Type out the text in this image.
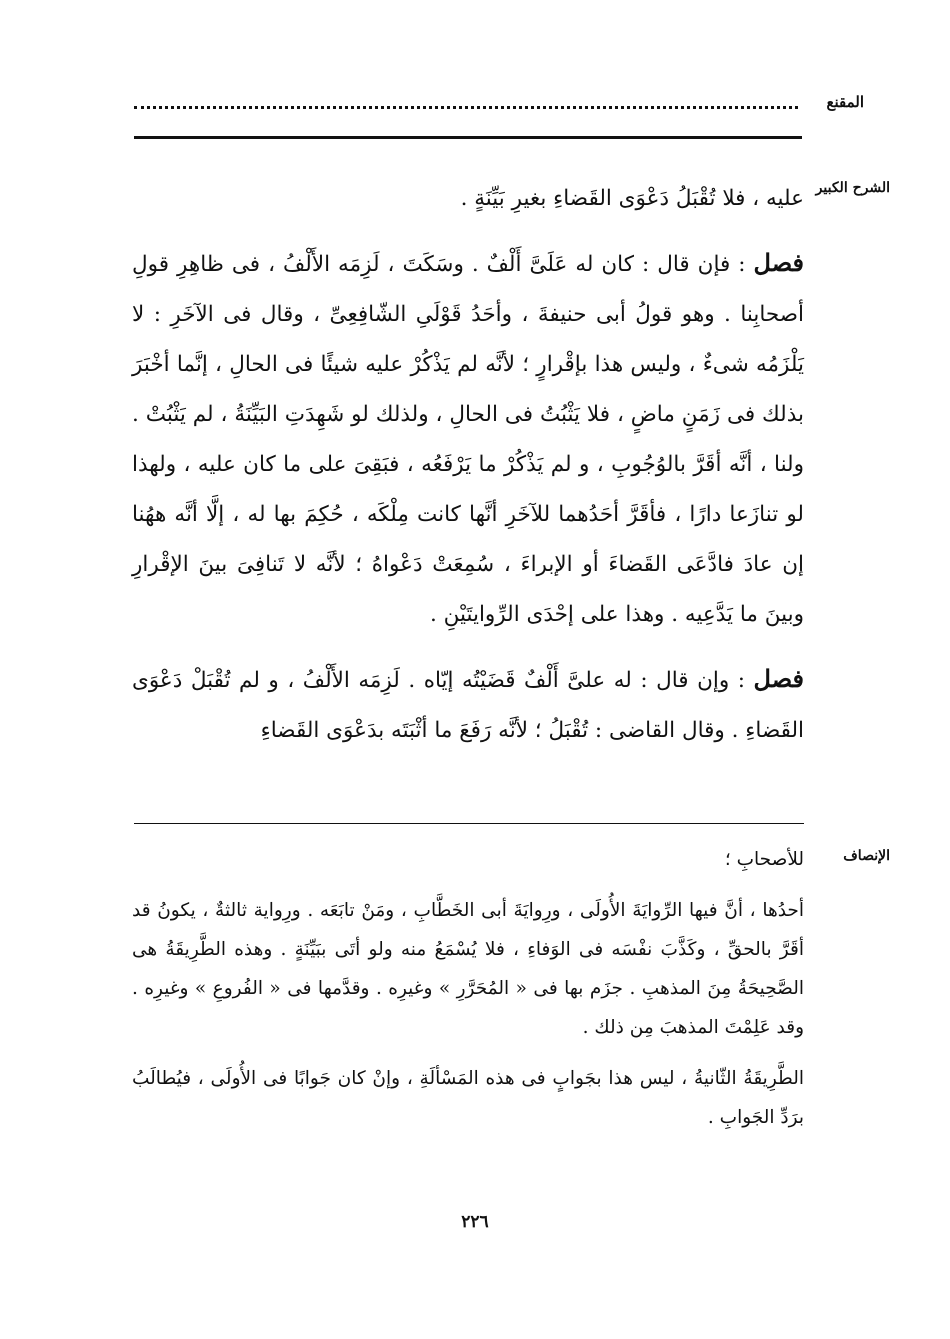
المقنع
الشرح الكبير

عليه ، فلا تُقْبَلُ دَعْوَى القَضاءِ بغيرِ بَيِّنَةٍ .

فصل : فإن قال : كان له عَلَىَّ أَلْفٌ . وسَكَتَ ، لَزِمَه الأَلْفُ ، فى ظاهِرِ قولِ أصحابِنا . وهو قولُ أبى حنيفةَ ، وأحَدُ قَوْلَىِ الشّافِعِىِّ ، وقال فى الآخَرِ : لا يَلْزَمُه شىءٌ ، وليس هذا بإقْرارٍ ؛ لأنَّه لم يَذْكُرْ عليه شيئًا فى الحالِ ، إنَّما أخْبَرَ بذلك فى زَمَنٍ ماضٍ ، فلا يَثْبُتُ فى الحالِ ، ولذلك لو شَهِدَتِ البَيِّنَةُ ، لم يَثْبُتْ . ولنا ، أنَّه أقَرَّ بالوُجُوبِ ، و لم يَذْكُرْ ما يَرْفَعُه ، فبَقِىَ على ما كان عليه ، ولهذا لو تنازَعا دارًا ، فأقَرَّ أحَدُهما للآخَرِ أنَّها كانت مِلْكَه ، حُكِمَ بها له ، إلَّا أنَّه ههُنا إن عادَ فادَّعَى القَضاءَ أو الإبراءَ ، سُمِعَتْ دَعْواهُ ؛ لأنَّه لا تَنافِىَ بينَ الإقْرارِ وبينَ ما يَدَّعِيه . وهذا على إحْدَى الرِّوايتَيْنِ .

فصل : وإن قال : له علىَّ أَلْفٌ قَضَيْتُه إيّاه . لَزِمَه الأَلْفُ ، و لم تُقْبَلْ دَعْوَى القَضاءِ . وقال القاضى : تُقْبَلُ ؛ لأنَّه رَفَعَ ما أثْبَتَه بدَعْوَى القَضاءِ

الإنصاف

للأصحابِ ؛

أحدُها ، أنَّ فيها الرِّوايَةَ الأُولَى ، ورِوايَةَ أبى الخَطَّابِ ، ومَنْ تابَعَه . ورِواية ثالثةٌ ، يكونُ قد أقَرَّ بالحقِّ ، وكَذَّبَ نفْسَه فى الوَفاءِ ، فلا يُسْمَعُ منه ولو أتَى ببَيِّنَةٍ . وهذه الطَّرِيقَةُ هى الصَّحِيحَةُ مِنَ المذهبِ . جزَم بها فى « المُحَرَّرِ » وغيرِه . وقدَّمها فى « الفُروعِ » وغيرِه . وقد عَلِمْتَ المذهبَ مِن ذلك .

الطَّرِيقَةُ الثّانيةُ ، ليس هذا بجَوابٍ فى هذه المَسْألَةِ ، وإنْ كان جَوابًا فى الأُولَى ، فيُطالَبُ برَدِّ الجَوابِ .

٢٢٦
